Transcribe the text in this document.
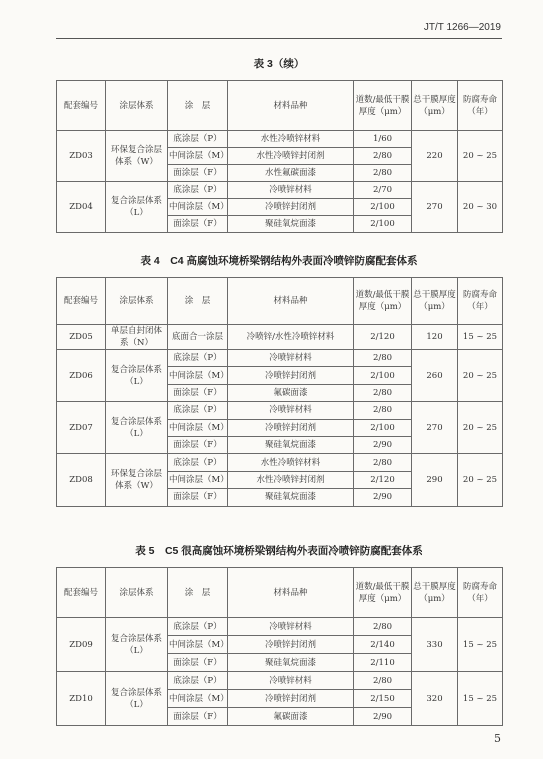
JT/T 1266—2019
表 3（续）
配套编号	涂层体系	涂　层	材料品种	道数/最低干膜厚度（μm）	总干膜厚度（μm）	防腐寿命（年）
ZD03	环保复合涂层体系（W）	底涂层（P）	水性冷喷锌材料	1/60	220	20 ~ 25
		中间涂层（M）	水性冷喷锌封闭剂	2/80		
		面涂层（F）	水性氟碳面漆	2/80		
ZD04	复合涂层体系（L）	底涂层（P）	冷喷锌材料	2/70	270	20 ~ 30
		中间涂层（M）	冷喷锌封闭剂	2/100		
		面涂层（F）	聚硅氧烷面漆	2/100		
表 4　C4 高腐蚀环境桥梁钢结构外表面冷喷锌防腐配套体系
配套编号	涂层体系	涂　层	材料品种	道数/最低干膜厚度（μm）	总干膜厚度（μm）	防腐寿命（年）
ZD05	单层自封闭体系（N）	底面合一涂层	冷喷锌/水性冷喷锌材料	2/120	120	15 ~ 25
ZD06	复合涂层体系（L）	底涂层（P）	冷喷锌材料	2/80	260	20 ~ 25
		中间涂层（M）	冷喷锌封闭剂	2/100		
		面涂层（F）	氟碳面漆	2/80		
ZD07	复合涂层体系（L）	底涂层（P）	冷喷锌材料	2/80	270	20 ~ 25
		中间涂层（M）	冷喷锌封闭剂	2/100		
		面涂层（F）	聚硅氧烷面漆	2/90		
ZD08	环保复合涂层体系（W）	底涂层（P）	水性冷喷锌材料	2/80	290	20 ~ 25
		中间涂层（M）	水性冷喷锌封闭剂	2/120		
		面涂层（F）	聚硅氧烷面漆	2/90		
表 5　C5 很高腐蚀环境桥梁钢结构外表面冷喷锌防腐配套体系
配套编号	涂层体系	涂　层	材料品种	道数/最低干膜厚度（μm）	总干膜厚度（μm）	防腐寿命（年）
ZD09	复合涂层体系（L）	底涂层（P）	冷喷锌材料	2/80	330	15 ~ 25
		中间涂层（M）	冷喷锌封闭剂	2/140		
		面涂层（F）	聚硅氧烷面漆	2/110		
ZD10	复合涂层体系（L）	底涂层（P）	冷喷锌材料	2/80	320	15 ~ 25
		中间涂层（M）	冷喷锌封闭剂	2/150		
		面涂层（F）	氟碳面漆	2/90		
5
